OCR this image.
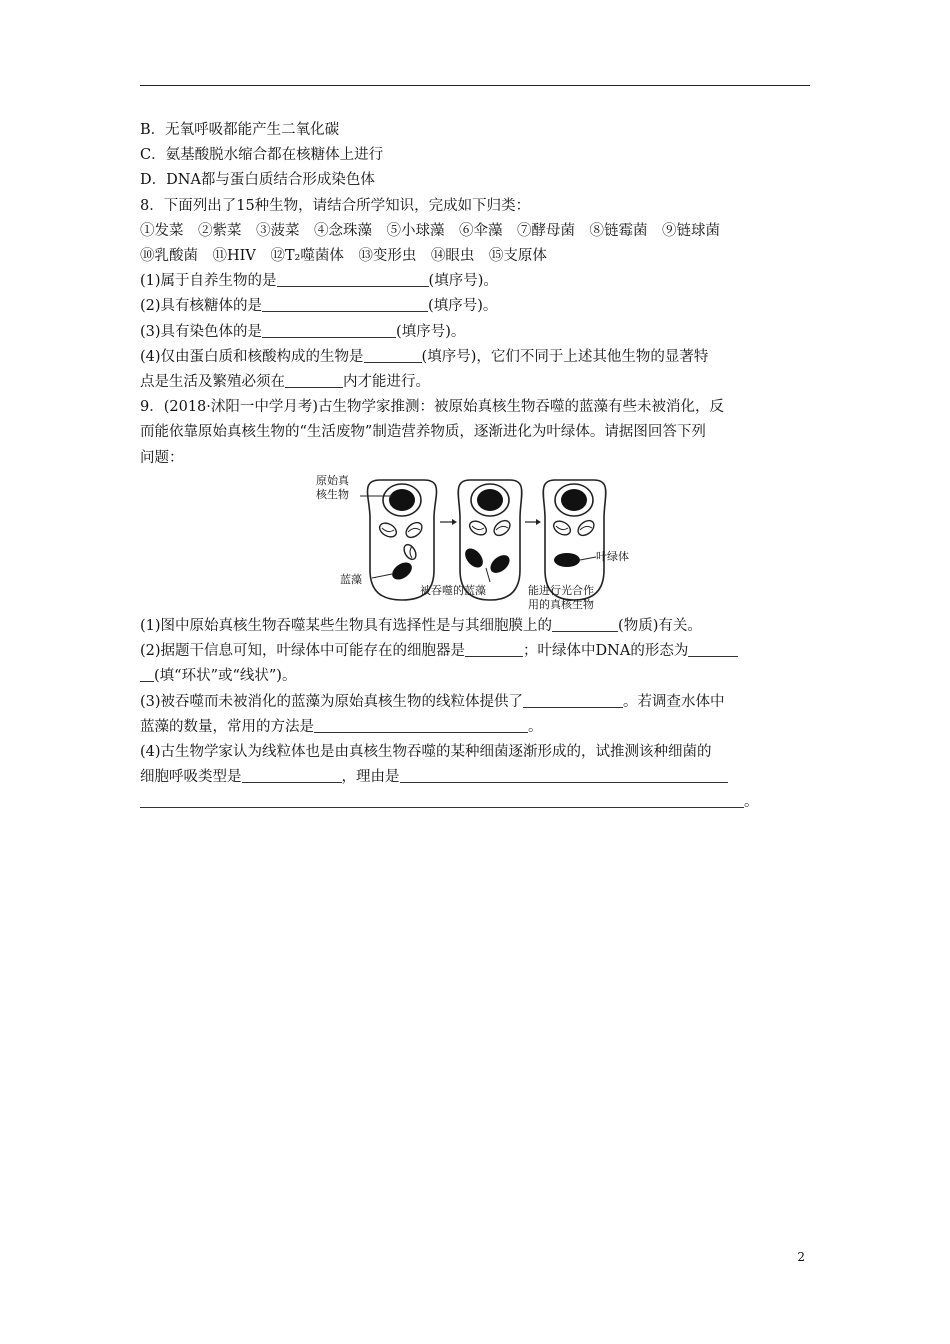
B．无氧呼吸都能产生二氧化碳
C．氨基酸脱水缩合都在核糖体上进行
D．DNA都与蛋白质结合形成染色体
8．下面列出了15种生物，请结合所学知识，完成如下归类：
①发菜　②紫菜　③菠菜　④念珠藻　⑤小球藻　⑥伞藻　⑦酵母菌　⑧链霉菌　⑨链球菌
⑩乳酸菌　⑪HIV　⑫T₂噬菌体　⑬变形虫　⑭眼虫　⑮支原体
(1)属于自养生物的是	(填序号)。
(2)具有核糖体的是	(填序号)。
(3)具有染色体的是	(填序号)。
(4)仅由蛋白质和核酸构成的生物是	(填序号)，它们不同于上述其他生物的显著特
点是生活及繁殖必须在	内才能进行。
9．(2018·沭阳一中学月考)古生物学家推测：被原始真核生物吞噬的蓝藻有些未被消化，反
而能依靠原始真核生物的“生活废物”制造营养物质，逐渐进化为叶绿体。请据图回答下列
问题：
原始真
核生物
蓝藻
被吞噬的蓝藻
叶绿体
能进行光合作
用的真核生物
(1)图中原始真核生物吞噬某些生物具有选择性是与其细胞膜上的	(物质)有关。
(2)据题干信息可知，叶绿体中可能存在的细胞器是	；叶绿体中DNA的形态为
(填“环状”或“线状”)。
(3)被吞噬而未被消化的蓝藻为原始真核生物的线粒体提供了	。若调查水体中
蓝藻的数量，常用的方法是	。
(4)古生物学家认为线粒体也是由真核生物吞噬的某种细菌逐渐形成的，试推测该种细菌的
细胞呼吸类型是	，理由是
。
2
